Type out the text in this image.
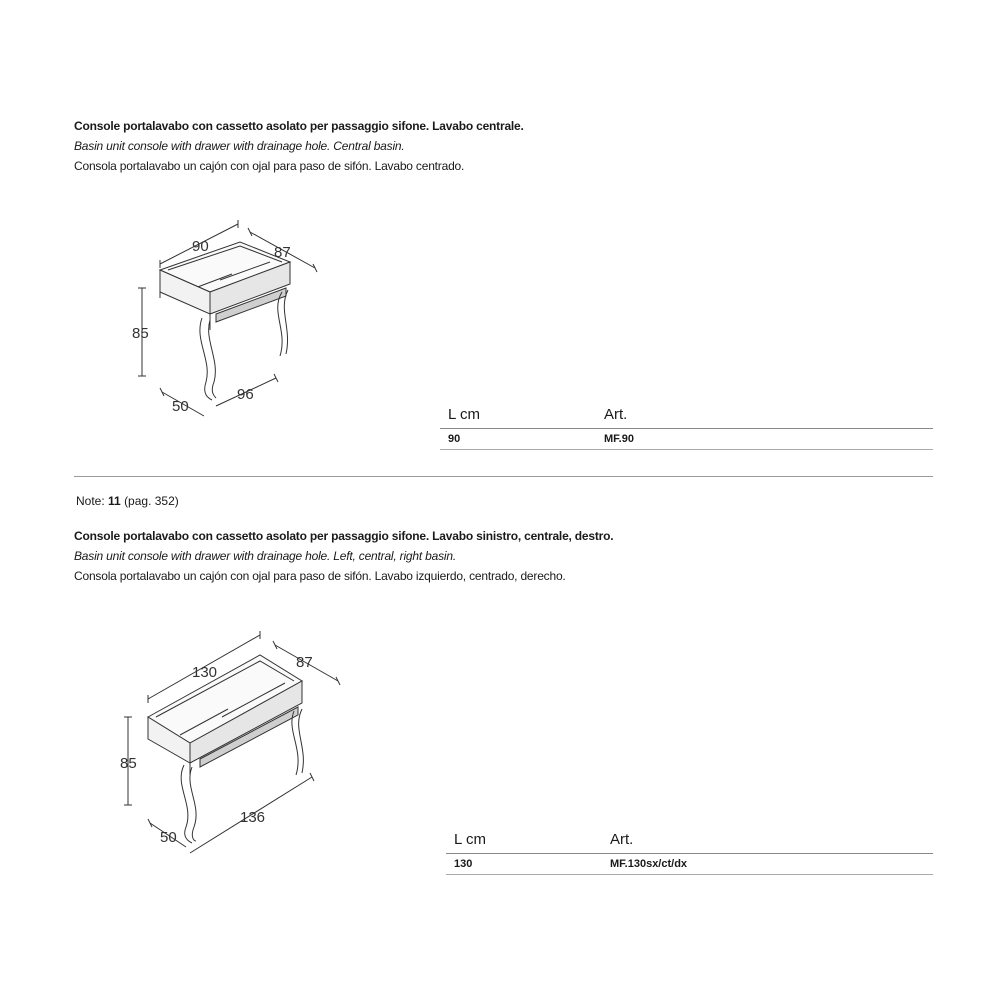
Console portalavabo con cassetto asolato per passaggio sifone. Lavabo centrale.
Basin unit console with drawer with drainage hole. Central basin.
Consola portalavabo un cajón con ojal para paso de sifón. Lavabo centrado.
90	87
85
50
96
L cm	Art.
90	MF.90
Note: 11 (pag. 352)
Console portalavabo con cassetto asolato per passaggio sifone. Lavabo sinistro, centrale, destro.
Basin unit console with drawer with drainage hole. Left, central, right basin.
Consola portalavabo un cajón con ojal para paso de sifón. Lavabo izquierdo, centrado, derecho.
130
87
85
50
136
L cm	Art.
130	MF.130sx/ct/dx
